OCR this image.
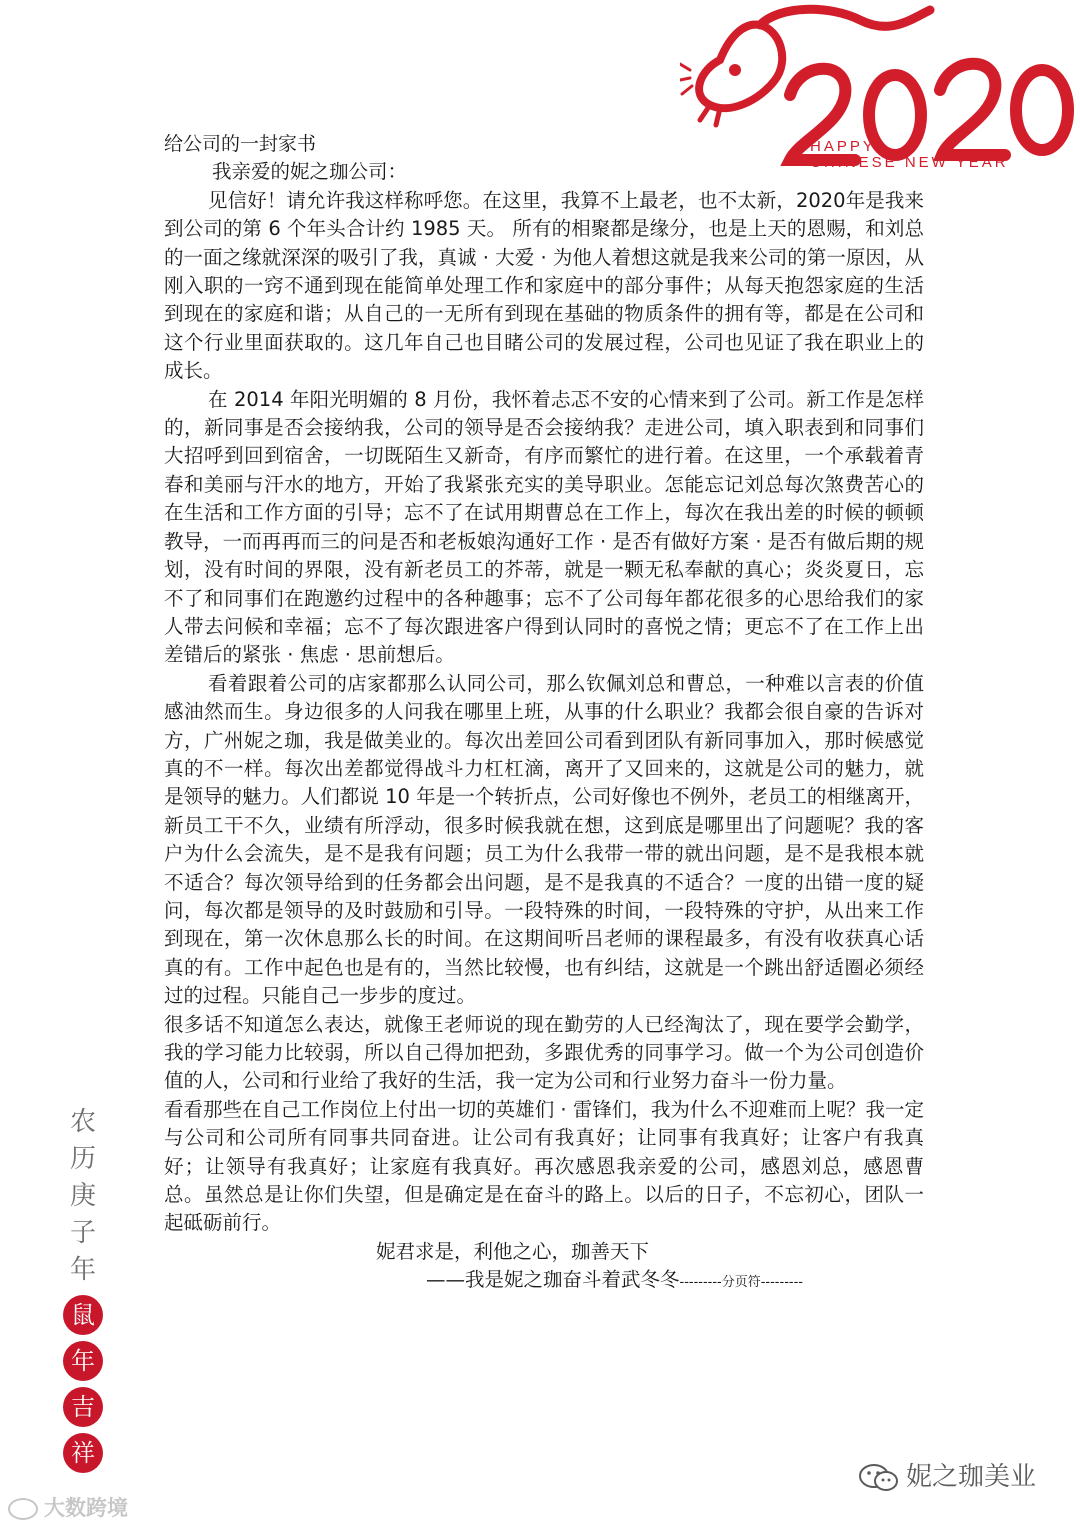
HAPPY
CHINESE NEW YEAR

给公司的一封家书

我亲爱的妮之珈公司：

见信好！请允许我这样称呼您。在这里，我算不上最老，也不太新，2020年是我来到公司的第 6 个年头合计约 1985 天。 所有的相聚都是缘分，也是上天的恩赐，和刘总的一面之缘就深深的吸引了我，真诚 · 大爱 · 为他人着想这就是我来公司的第一原因，从刚入职的一窍不通到现在能简单处理工作和家庭中的部分事件；从每天抱怨家庭的生活到现在的家庭和谐；从自己的一无所有到现在基础的物质条件的拥有等，都是在公司和这个行业里面获取的。这几年自己也目睹公司的发展过程，公司也见证了我在职业上的成长。

在 2014 年阳光明媚的 8 月份，我怀着忐忑不安的心情来到了公司。新工作是怎样的，新同事是否会接纳我，公司的领导是否会接纳我？走进公司，填入职表到和同事们大招呼到回到宿舍，一切既陌生又新奇，有序而繁忙的进行着。在这里，一个承载着青春和美丽与汗水的地方，开始了我紧张充实的美导职业。怎能忘记刘总每次煞费苦心的在生活和工作方面的引导；忘不了在试用期曹总在工作上，每次在我出差的时候的顿顿教导，一而再再而三的问是否和老板娘沟通好工作 · 是否有做好方案 · 是否有做后期的规划，没有时间的界限，没有新老员工的芥蒂，就是一颗无私奉献的真心；炎炎夏日，忘不了和同事们在跑邀约过程中的各种趣事；忘不了公司每年都花很多的心思给我们的家人带去问候和幸福；忘不了每次跟进客户得到认同时的喜悦之情；更忘不了在工作上出差错后的紧张 · 焦虑 · 思前想后。

看着跟着公司的店家都那么认同公司，那么钦佩刘总和曹总，一种难以言表的价值感油然而生。身边很多的人问我在哪里上班，从事的什么职业？我都会很自豪的告诉对方，广州妮之珈，我是做美业的。每次出差回公司看到团队有新同事加入，那时候感觉真的不一样。每次出差都觉得战斗力杠杠滴，离开了又回来的，这就是公司的魅力，就是领导的魅力。人们都说 10 年是一个转折点，公司好像也不例外，老员工的相继离开，新员工干不久，业绩有所浮动，很多时候我就在想，这到底是哪里出了问题呢？我的客户为什么会流失，是不是我有问题；员工为什么我带一带的就出问题，是不是我根本就不适合？每次领导给到的任务都会出问题，是不是我真的不适合？一度的出错一度的疑问，每次都是领导的及时鼓励和引导。一段特殊的时间，一段特殊的守护，从出来工作到现在，第一次休息那么长的时间。在这期间听吕老师的课程最多，有没有收获真心话真的有。工作中起色也是有的，当然比较慢，也有纠结，这就是一个跳出舒适圈必须经过的过程。只能自己一步步的度过。

很多话不知道怎么表达，就像王老师说的现在勤劳的人已经淘汰了，现在要学会勤学，我的学习能力比较弱，所以自己得加把劲，多跟优秀的同事学习。做一个为公司创造价值的人，公司和行业给了我好的生活，我一定为公司和行业努力奋斗一份力量。

看看那些在自己工作岗位上付出一切的英雄们 · 雷锋们，我为什么不迎难而上呢？我一定与公司和公司所有同事共同奋进。让公司有我真好；让同事有我真好；让客户有我真好；让领导有我真好；让家庭有我真好。再次感恩我亲爱的公司，感恩刘总，感恩曹总。虽然总是让你们失望，但是确定是在奋斗的路上。以后的日子，不忘初心，团队一起砥砺前行。

妮君求是，利他之心，珈善天下

——我是妮之珈奋斗着武冬冬---------分页符---------

农
历
庚
子
年
鼠
年
吉
祥
大数跨境
妮之珈美业
